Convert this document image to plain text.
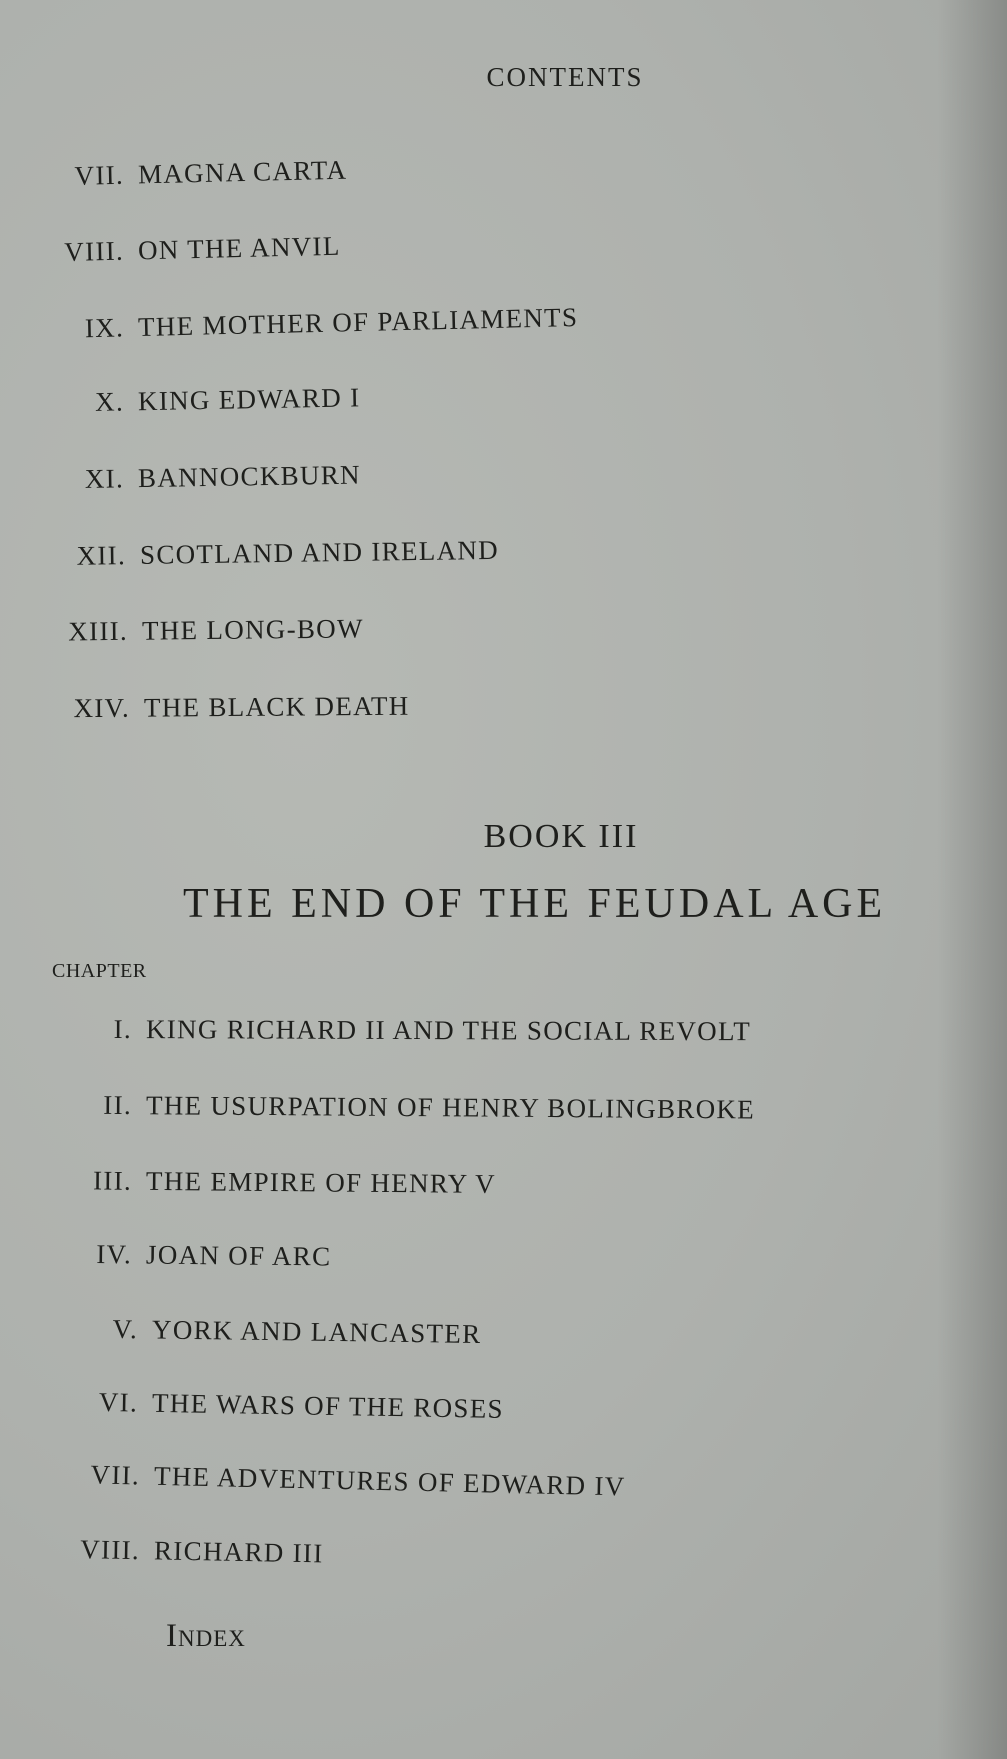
CONTENTS
VII. MAGNA CARTA
VIII. ON THE ANVIL
IX. THE MOTHER OF PARLIAMENTS
X. KING EDWARD I
XI. BANNOCKBURN
XII. SCOTLAND AND IRELAND
XIII. THE LONG-BOW
XIV. THE BLACK DEATH
BOOK III
THE END OF THE FEUDAL AGE
CHAPTER
I. KING RICHARD II AND THE SOCIAL REVOLT
II. THE USURPATION OF HENRY BOLINGBROKE
III. THE EMPIRE OF HENRY V
IV. JOAN OF ARC
V. YORK AND LANCASTER
VI. THE WARS OF THE ROSES
VII. THE ADVENTURES OF EDWARD IV
VIII. RICHARD III
Index
